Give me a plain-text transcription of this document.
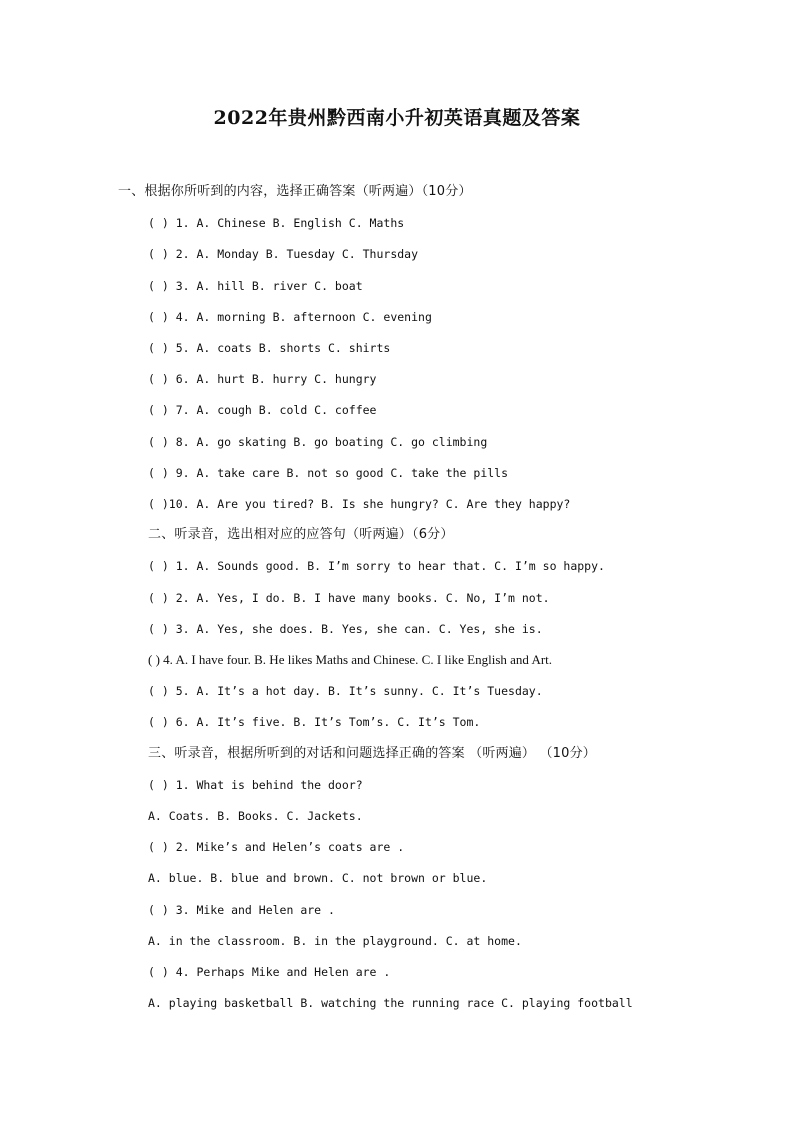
2022年贵州黔西南小升初英语真题及答案
一、根据你所听到的内容，选择正确答案（听两遍）（10分）
( ) 1. A. Chinese B. English C. Maths
( ) 2. A. Monday B. Tuesday C. Thursday
( ) 3. A. hill B. river C. boat
( ) 4. A. morning B. afternoon C. evening
( ) 5. A. coats B. shorts C. shirts
( ) 6. A. hurt B. hurry C. hungry
( ) 7. A. cough B. cold C. coffee
( ) 8. A. go skating B. go boating C. go climbing
( ) 9. A. take care B. not so good C. take the pills
( )10. A. Are you tired? B. Is she hungry? C. Are they happy?
二、听录音，选出相对应的应答句（听两遍）（6分）
( ) 1. A. Sounds good. B. I’m sorry to hear that. C. I’m so happy.
( ) 2. A. Yes, I do. B. I have many books. C. No, I’m not.
( ) 3. A. Yes, she does. B. Yes, she can. C. Yes, she is.
( ) 4. A. I have four. B. He likes Maths and Chinese. C. I like English and Art.
( ) 5. A. It’s a hot day. B. It’s sunny. C. It’s Tuesday.
( ) 6. A. It’s five. B. It’s Tom’s. C. It’s Tom.
三、听录音，根据所听到的对话和问题选择正确的答案 （听两遍） （10分）
( ) 1. What is behind the door?
A. Coats. B. Books. C. Jackets.
( ) 2. Mike’s and Helen’s coats are .
A. blue. B. blue and brown. C. not brown or blue.
( ) 3. Mike and Helen are .
A. in the classroom. B. in the playground. C. at home.
( ) 4. Perhaps Mike and Helen are .
A. playing basketball B. watching the running race C. playing football
